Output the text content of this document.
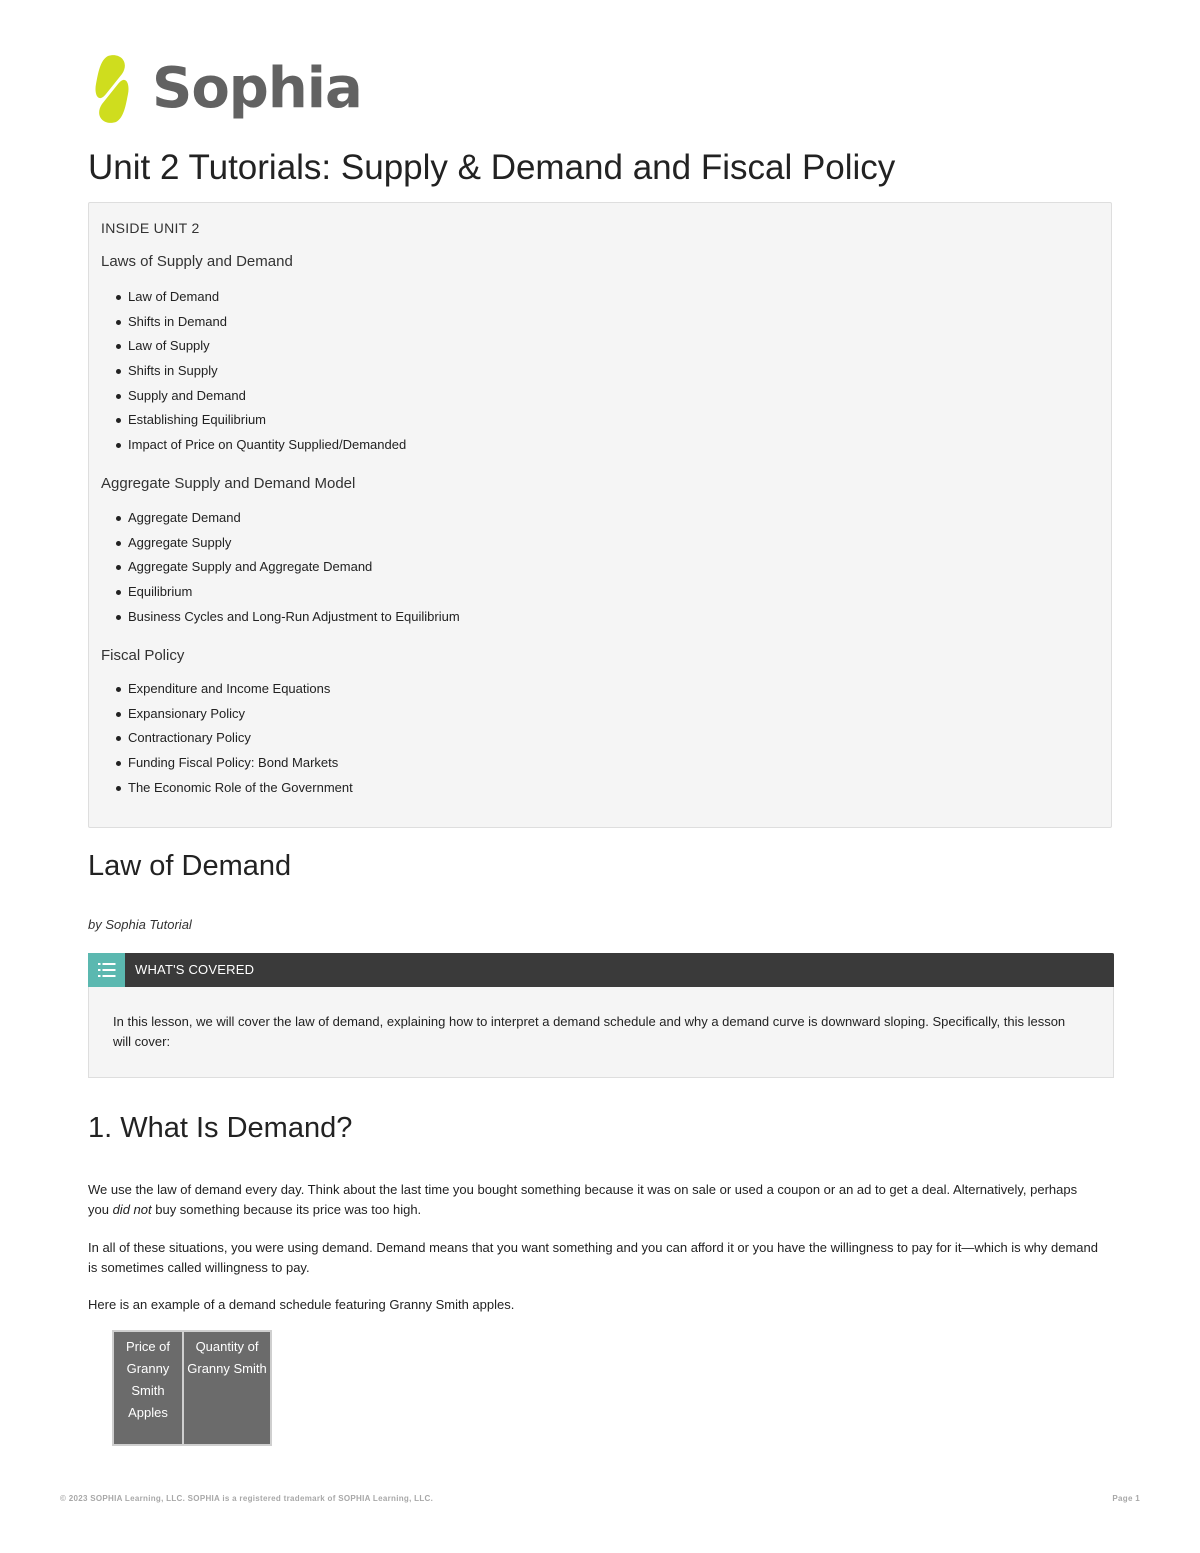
Sophia
Unit 2 Tutorials: Supply & Demand and Fiscal Policy
INSIDE UNIT 2
Laws of Supply and Demand
Law of Demand
Shifts in Demand
Law of Supply
Shifts in Supply
Supply and Demand
Establishing Equilibrium
Impact of Price on Quantity Supplied/Demanded
Aggregate Supply and Demand Model
Aggregate Demand
Aggregate Supply
Aggregate Supply and Aggregate Demand
Equilibrium
Business Cycles and Long-Run Adjustment to Equilibrium
Fiscal Policy
Expenditure and Income Equations
Expansionary Policy
Contractionary Policy
Funding Fiscal Policy: Bond Markets
The Economic Role of the Government
Law of Demand
by Sophia Tutorial
WHAT'S COVERED
In this lesson, we will cover the law of demand, explaining how to interpret a demand schedule and why a demand curve is downward sloping. Specifically, this lesson will cover:
1. What Is Demand?

We use the law of demand every day. Think about the last time you bought something because it was on sale or used a coupon or an ad to get a deal. Alternatively, perhaps you did not buy something because its price was too high.

In all of these situations, you were using demand. Demand means that you want something and you can afford it or you have the willingness to pay for it—which is why demand is sometimes called willingness to pay.

Here is an example of a demand schedule featuring Granny Smith apples.

Price of Granny Smith Apples	Quantity of Granny Smith
© 2023 SOPHIA Learning, LLC. SOPHIA is a registered trademark of SOPHIA Learning, LLC.	Page 1
